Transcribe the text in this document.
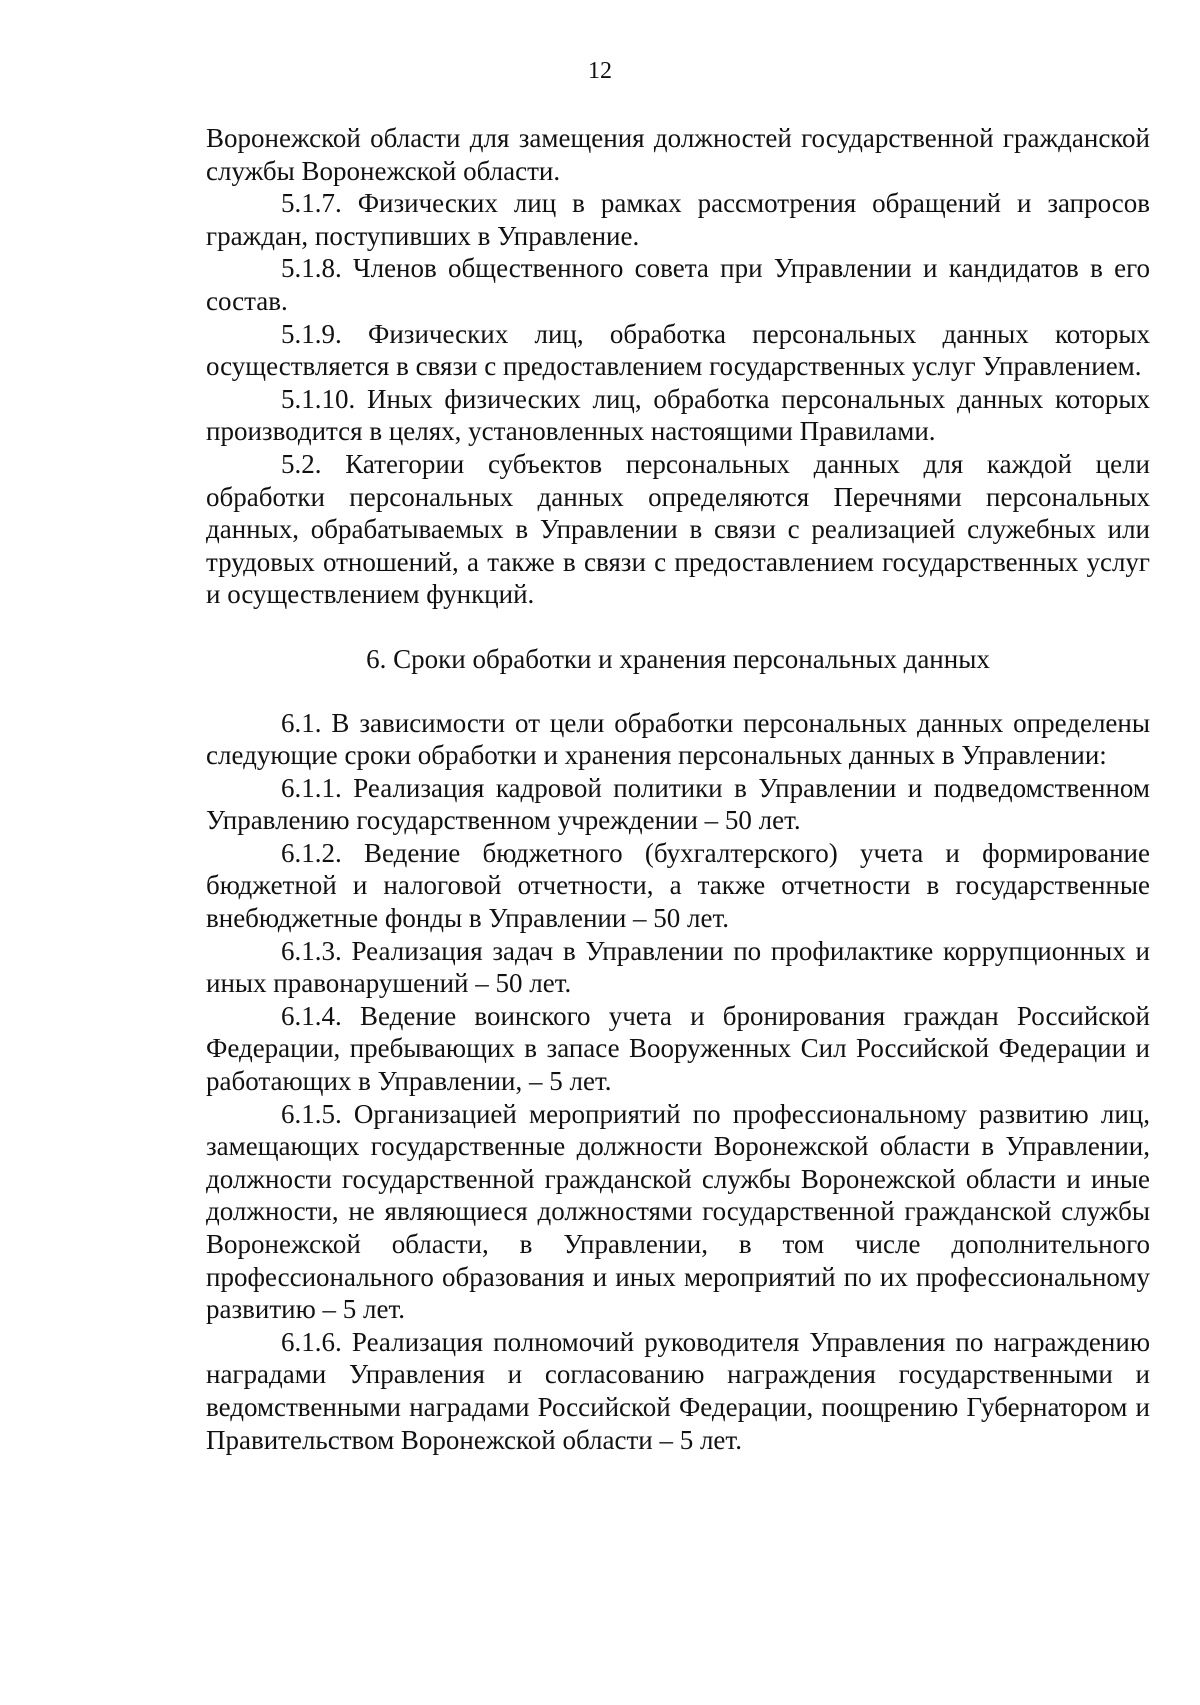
12

Воронежской области для замещения должностей государственной гражданской службы Воронежской области.

5.1.7. Физических лиц в рамках рассмотрения обращений и запросов граждан, поступивших в Управление.

5.1.8. Членов общественного совета при Управлении и кандидатов в его состав.

5.1.9. Физических лиц, обработка персональных данных которых осуществляется в связи с предоставлением государственных услуг Управлением.

5.1.10. Иных физических лиц, обработка персональных данных которых производится в целях, установленных настоящими Правилами.

5.2. Категории субъектов персональных данных для каждой цели обработки персональных данных определяются Перечнями персональных данных, обрабатываемых в Управлении в связи с реализацией служебных или трудовых отношений, а также в связи с предоставлением государственных услуг и осуществлением функций.

6. Сроки обработки и хранения персональных данных

6.1. В зависимости от цели обработки персональных данных определены следующие сроки обработки и хранения персональных данных в Управлении:

6.1.1. Реализация кадровой политики в Управлении и подведомственном Управлению государственном учреждении – 50 лет.

6.1.2. Ведение бюджетного (бухгалтерского) учета и формирование бюджетной и налоговой отчетности, а также отчетности в государственные внебюджетные фонды в Управлении – 50 лет.

6.1.3. Реализация задач в Управлении по профилактике коррупционных и иных правонарушений – 50 лет.

6.1.4. Ведение воинского учета и бронирования граждан Российской Федерации, пребывающих в запасе Вооруженных Сил Российской Федерации и работающих в Управлении, – 5 лет.

6.1.5. Организацией мероприятий по профессиональному развитию лиц, замещающих государственные должности Воронежской области в Управлении, должности государственной гражданской службы Воронежской области и иные должности, не являющиеся должностями государственной гражданской службы Воронежской области, в Управлении, в том числе дополнительного профессионального образования и иных мероприятий по их профессиональному развитию – 5 лет.

6.1.6. Реализация полномочий руководителя Управления по награждению наградами Управления и согласованию награждения государственными и ведомственными наградами Российской Федерации, поощрению Губернатором и Правительством Воронежской области – 5 лет.
